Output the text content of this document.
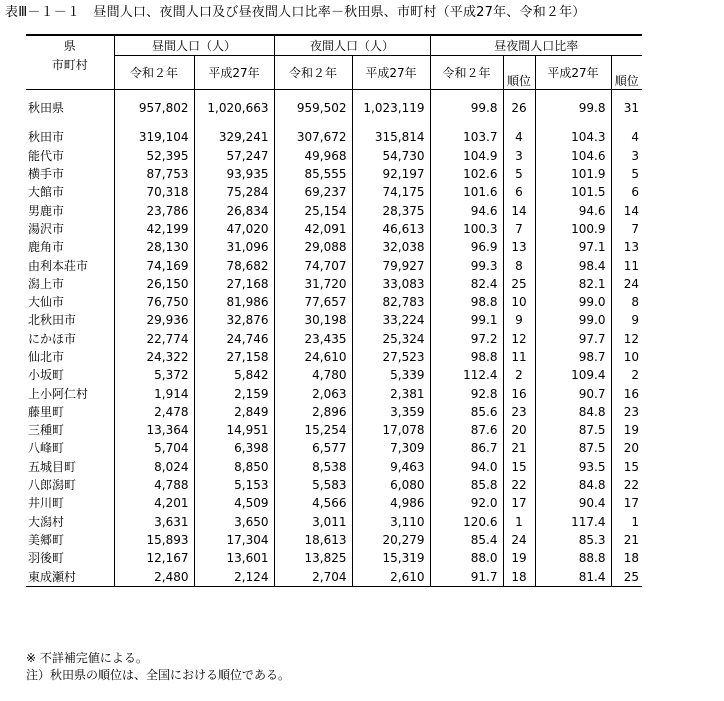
表Ⅲ－１－１　昼間人口、夜間人口及び昼夜間人口比率－秋田県、市町村（平成27年、令和２年）
県	昼間人口（人）		夜間人口（人）		昼夜間人口比率			
市町村	令和２年	平成27年	令和２年	平成27年	令和２年	順位	平成27年	順位

秋田県	957,802	1,020,663	959,502	1,023,119	99.8	26	99.8	31

秋田市	319,104	329,241	307,672	315,814	103.7	4	104.3	4
能代市	52,395	57,247	49,968	54,730	104.9	3	104.6	3
横手市	87,753	93,935	85,555	92,197	102.6	5	101.9	5
大館市	70,318	75,284	69,237	74,175	101.6	6	101.5	6
男鹿市	23,786	26,834	25,154	28,375	94.6	14	94.6	14
湯沢市	42,199	47,020	42,091	46,613	100.3	7	100.9	7
鹿角市	28,130	31,096	29,088	32,038	96.9	13	97.1	13
由利本荘市	74,169	78,682	74,707	79,927	99.3	8	98.4	11
潟上市	26,150	27,168	31,720	33,083	82.4	25	82.1	24
大仙市	76,750	81,986	77,657	82,783	98.8	10	99.0	8
北秋田市	29,936	32,876	30,198	33,224	99.1	9	99.0	9
にかほ市	22,774	24,746	23,435	25,324	97.2	12	97.7	12
仙北市	24,322	27,158	24,610	27,523	98.8	11	98.7	10
小坂町	5,372	5,842	4,780	5,339	112.4	2	109.4	2
上小阿仁村	1,914	2,159	2,063	2,381	92.8	16	90.7	16
藤里町	2,478	2,849	2,896	3,359	85.6	23	84.8	23
三種町	13,364	14,951	15,254	17,078	87.6	20	87.5	19
八峰町	5,704	6,398	6,577	7,309	86.7	21	87.5	20
五城目町	8,024	8,850	8,538	9,463	94.0	15	93.5	15
八郎潟町	4,788	5,153	5,583	6,080	85.8	22	84.8	22
井川町	4,201	4,509	4,566	4,986	92.0	17	90.4	17
大潟村	3,631	3,650	3,011	3,110	120.6	1	117.4	1
美郷町	15,893	17,304	18,613	20,279	85.4	24	85.3	21
羽後町	12,167	13,601	13,825	15,319	88.0	19	88.8	18
東成瀬村	2,480	2,124	2,704	2,610	91.7	18	81.4	25
※ 不詳補完値による。
注）秋田県の順位は、全国における順位である。
